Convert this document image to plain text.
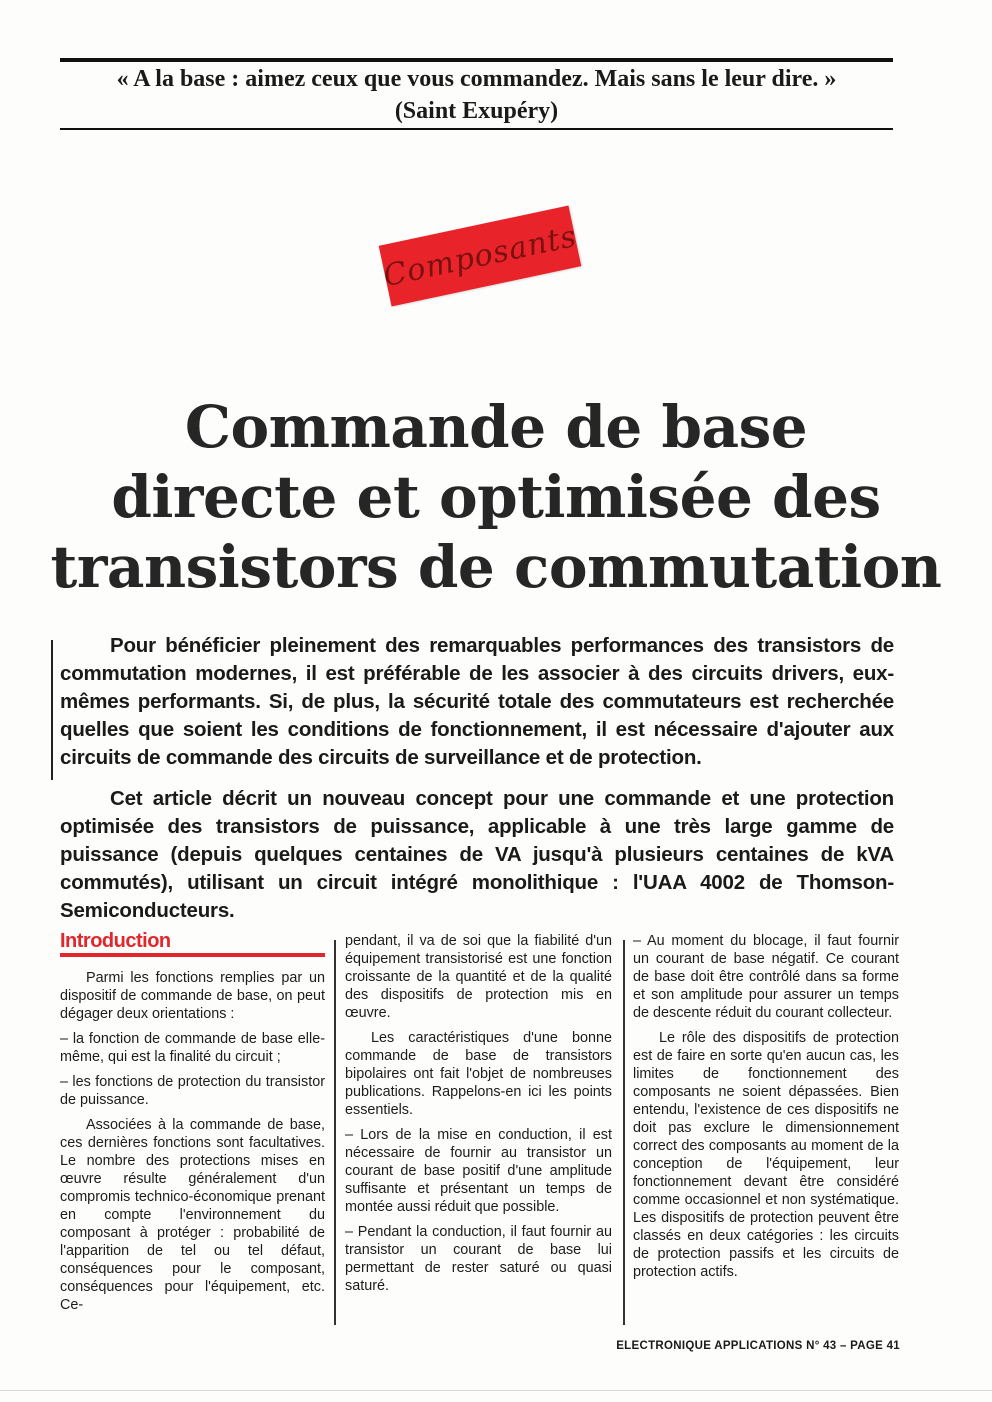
« A la base : aimez ceux que vous commandez. Mais sans le leur dire. »
(Saint Exupéry)
Composants
Commande de base
directe et optimisée des
transistors de commutation

Pour bénéficier pleinement des remarquables performances des transistors de commutation modernes, il est préférable de les associer à des circuits drivers, eux-mêmes performants. Si, de plus, la sécurité totale des commutateurs est recherchée quelles que soient les conditions de fonctionnement, il est nécessaire d'ajouter aux circuits de commande des circuits de surveillance et de protection.

Cet article décrit un nouveau concept pour une commande et une protection optimisée des transistors de puissance, applicable à une très large gamme de puissance (depuis quelques centaines de VA jusqu'à plusieurs centaines de kVA commutés), utilisant un circuit intégré monolithique : l'UAA 4002 de Thomson-Semiconducteurs.

Introduction

Parmi les fonctions remplies par un dispositif de commande de base, on peut dégager deux orientations :

– la fonction de commande de base elle-même, qui est la finalité du circuit ;

– les fonctions de protection du transistor de puissance.

Associées à la commande de base, ces dernières fonctions sont facultatives. Le nombre des protections mises en œuvre résulte généralement d'un compromis technico-économique prenant en compte l'environnement du composant à protéger : probabilité de l'apparition de tel ou tel défaut, conséquences pour le composant, conséquences pour l'équipement, etc. Ce-

pendant, il va de soi que la fiabilité d'un équipement transistorisé est une fonction croissante de la quantité et de la qualité des dispositifs de protection mis en œuvre.

Les caractéristiques d'une bonne commande de base de transistors bipolaires ont fait l'objet de nombreuses publications. Rappelons-en ici les points essentiels.

– Lors de la mise en conduction, il est nécessaire de fournir au transistor un courant de base positif d'une amplitude suffisante et présentant un temps de montée aussi réduit que possible.

– Pendant la conduction, il faut fournir au transistor un courant de base lui permettant de rester saturé ou quasi saturé.

– Au moment du blocage, il faut fournir un courant de base négatif. Ce courant de base doit être contrôlé dans sa forme et son amplitude pour assurer un temps de descente réduit du courant collecteur.

Le rôle des dispositifs de protection est de faire en sorte qu'en aucun cas, les limites de fonctionnement des composants ne soient dépassées. Bien entendu, l'existence de ces dispositifs ne doit pas exclure le dimensionnement correct des composants au moment de la conception de l'équipement, leur fonctionnement devant être considéré comme occasionnel et non systématique. Les dispositifs de protection peuvent être classés en deux catégories : les circuits de protection passifs et les circuits de protection actifs.

ELECTRONIQUE APPLICATIONS N° 43 – PAGE 41
